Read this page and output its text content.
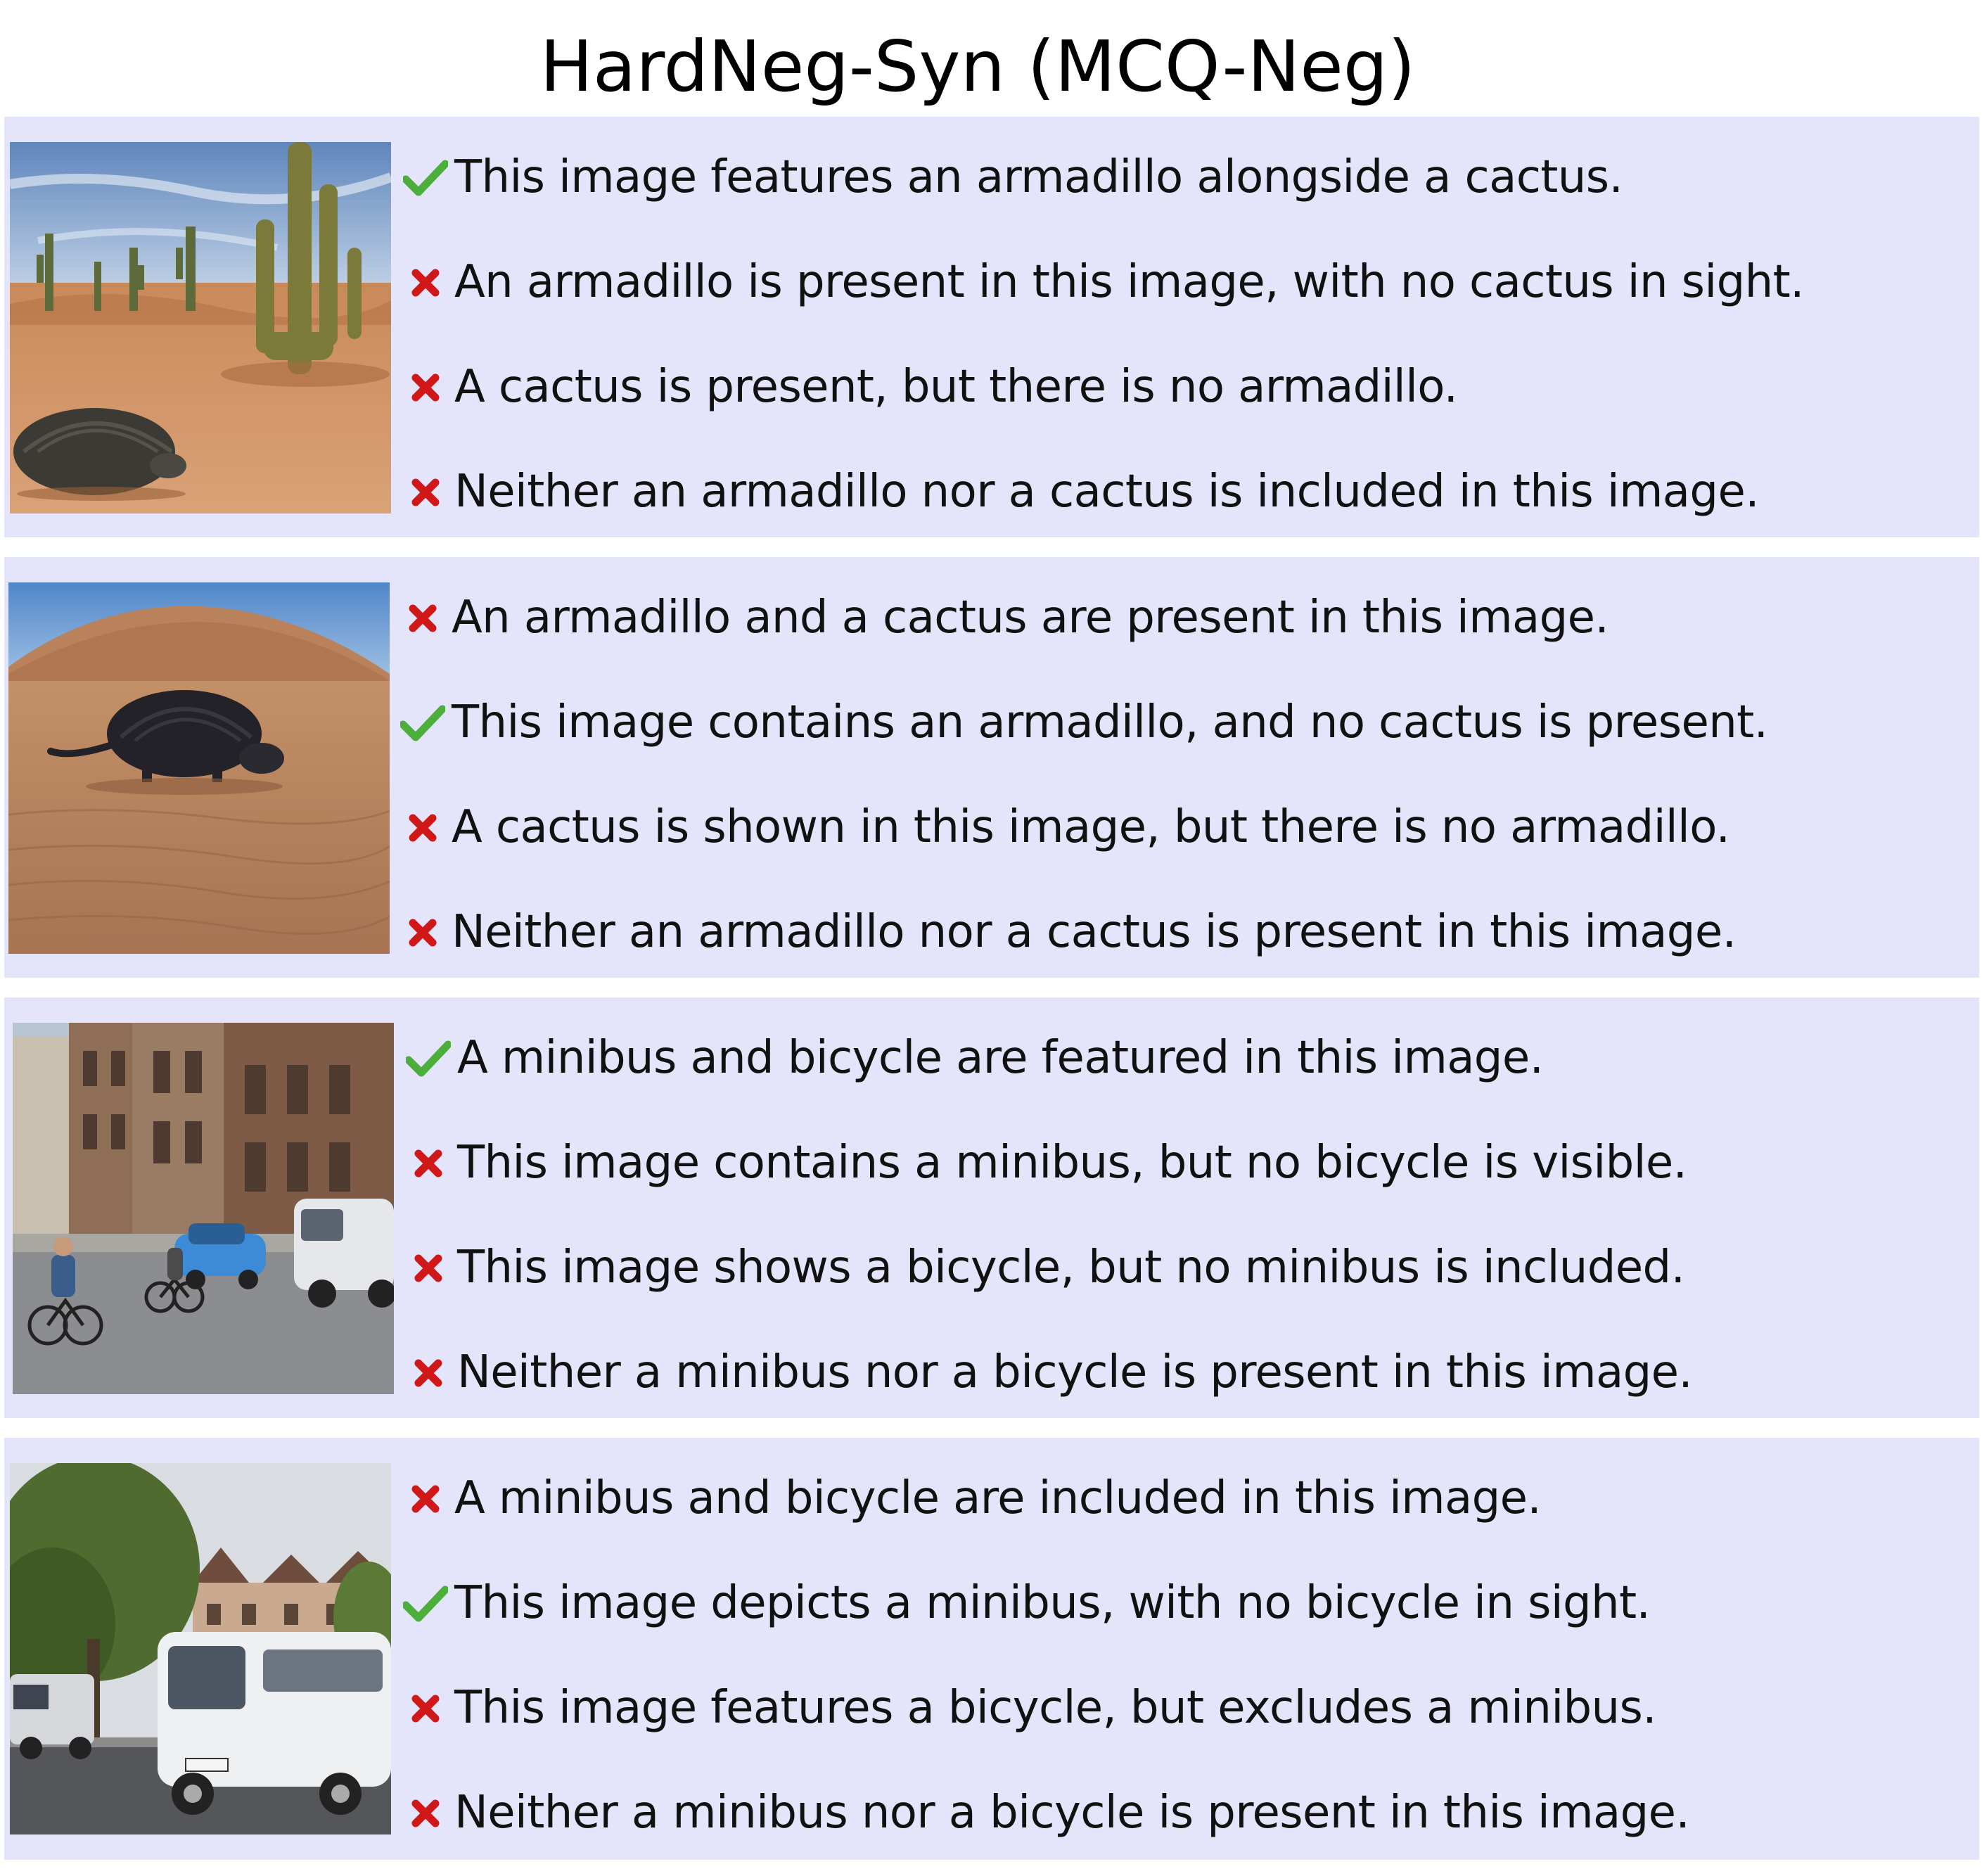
HardNeg-Syn (MCQ-Neg)
This image features an armadillo alongside a cactus.
An armadillo is present in this image, with no cactus in sight.
A cactus is present, but there is no armadillo.
Neither an armadillo nor a cactus is included in this image.
An armadillo and a cactus are present in this image.
This image contains an armadillo, and no cactus is present.
A cactus is shown in this image, but there is no armadillo.
Neither an armadillo nor a cactus is present in this image.
A minibus and bicycle are featured in this image.
This image contains a minibus, but no bicycle is visible.
This image shows a bicycle, but no minibus is included.
Neither a minibus nor a bicycle is present in this image.
A minibus and bicycle are included in this image.
This image depicts a minibus, with no bicycle in sight.
This image features a bicycle, but excludes a minibus.
Neither a minibus nor a bicycle is present in this image.
